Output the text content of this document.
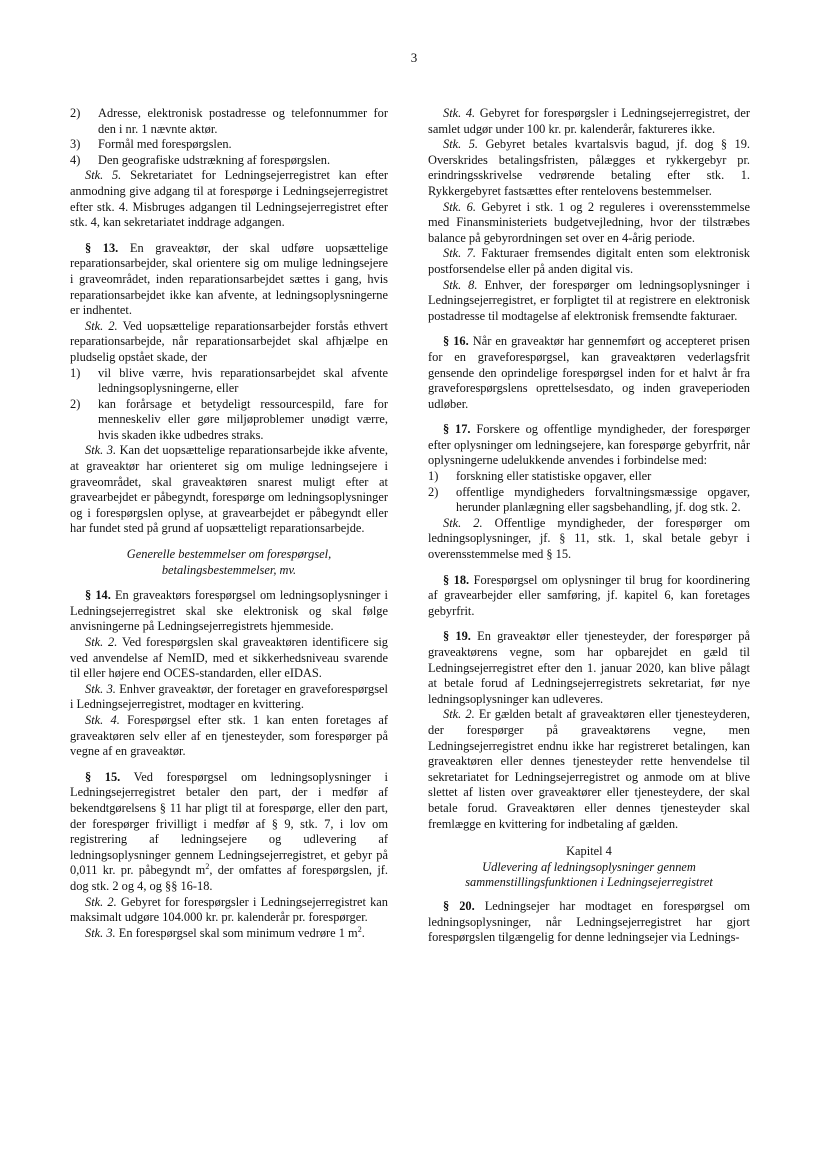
3
2)	Adresse, elektronisk postadresse og telefonnummer for den i nr. 1 nævnte aktør.
3)	Formål med forespørgslen.
4)	Den geografiske udstrækning af forespørgslen.

Stk. 5. Sekretariatet for Ledningsejerregistret kan efter anmodning give adgang til at forespørge i Ledningsejerregistret efter stk. 4. Misbruges adgangen til Ledningsejerregistret efter stk. 4, kan sekretariatet inddrage adgangen.

§ 13. En graveaktør, der skal udføre uopsættelige reparationsarbejder, skal orientere sig om mulige ledningsejere i graveområdet, inden reparationsarbejdet sættes i gang, hvis reparationsarbejdet ikke kan afvente, at ledningsoplysningerne er indhentet.

Stk. 2. Ved uopsættelige reparationsarbejder forstås ethvert reparationsarbejde, når reparationsarbejdet skal afhjælpe en pludselig opstået skade, der

1)	vil blive værre, hvis reparationsarbejdet skal afvente ledningsoplysningerne, eller
2)	kan forårsage et betydeligt ressourcespild, fare for menneskeliv eller gøre miljøproblemer unødigt værre, hvis skaden ikke udbedres straks.

Stk. 3. Kan det uopsættelige reparationsarbejde ikke afvente, at graveaktør har orienteret sig om mulige ledningsejere i graveområdet, skal graveaktøren snarest muligt efter at gravearbejdet er påbegyndt, forespørge om ledningsoplysninger og i forespørgslen oplyse, at gravearbejdet er påbegyndt eller har fundet sted på grund af uopsætteligt reparationsarbejde.

Generelle bestemmelser om forespørgsel,
betalingsbestemmelser, mv.

§ 14. En graveaktørs forespørgsel om ledningsoplysninger i Ledningsejerregistret skal ske elektronisk og skal følge anvisningerne på Ledningsejerregistrets hjemmeside.

Stk. 2. Ved forespørgslen skal graveaktøren identificere sig ved anvendelse af NemID, med et sikkerhedsniveau svarende til eller højere end OCES-standarden, eller eIDAS.

Stk. 3. Enhver graveaktør, der foretager en graveforespørgsel i Ledningsejerregistret, modtager en kvittering.

Stk. 4. Forespørgsel efter stk. 1 kan enten foretages af graveaktøren selv eller af en tjenesteyder, som forespørger på vegne af en graveaktør.

§ 15. Ved forespørgsel om ledningsoplysninger i Ledningsejerregistret betaler den part, der i medfør af bekendtgørelsens § 11 har pligt til at forespørge, eller den part, der forespørger frivilligt i medfør af § 9, stk. 7, i lov om registrering af ledningsejere og udlevering af ledningsoplysninger gennem Ledningsejerregistret, et gebyr på 0,011 kr. pr. påbegyndt $m^2$, der omfattes af forespørgslen, jf. dog stk. 2 og 4, og §§ 16-18.

Stk. 2. Gebyret for forespørgsler i Ledningsejerregistret kan maksimalt udgøre 104.000 kr. pr. kalenderår pr. forespørger.

Stk. 3. En forespørgsel skal som minimum vedrøre 1 $m^2$.

Stk. 4. Gebyret for forespørgsler i Ledningsejerregistret, der samlet udgør under 100 kr. pr. kalenderår, faktureres ikke.

Stk. 5. Gebyret betales kvartalsvis bagud, jf. dog § 19. Overskrides betalingsfristen, pålægges et rykkergebyr pr. erindringsskrivelse vedrørende betaling efter stk. 1. Rykkergebyret fastsættes efter rentelovens bestemmelser.

Stk. 6. Gebyret i stk. 1 og 2 reguleres i overensstemmelse med Finansministeriets budgetvejledning, hvor der tilstræbes balance på gebyrordningen set over en 4-årig periode.

Stk. 7. Fakturaer fremsendes digitalt enten som elektronisk postforsendelse eller på anden digital vis.

Stk. 8. Enhver, der forespørger om ledningsoplysninger i Ledningsejerregistret, er forpligtet til at registrere en elektronisk postadresse til modtagelse af elektronisk fremsendte fakturaer.

§ 16. Når en graveaktør har gennemført og accepteret prisen for en graveforespørgsel, kan graveaktøren vederlagsfrit gensende den oprindelige forespørgsel inden for et halvt år fra graveforespørgslens oprettelsesdato, og inden graveperioden udløber.

§ 17. Forskere og offentlige myndigheder, der forespørger efter oplysninger om ledningsejere, kan forespørge gebyrfrit, når oplysningerne udelukkende anvendes i forbindelse med:

1)	forskning eller statistiske opgaver, eller
2)	offentlige myndigheders forvaltningsmæssige opgaver, herunder planlægning eller sagsbehandling, jf. dog stk. 2.

Stk. 2. Offentlige myndigheder, der forespørger om ledningsoplysninger, jf. § 11, stk. 1, skal betale gebyr i overensstemmelse med § 15.

§ 18. Forespørgsel om oplysninger til brug for koordinering af gravearbejder eller samføring, jf. kapitel 6, kan foretages gebyrfrit.

§ 19. En graveaktør eller tjenesteyder, der forespørger på graveaktørens vegne, som har opbarejdet en gæld til Ledningsejerregistret efter den 1. januar 2020, kan blive pålagt at betale forud af Ledningsejerregistrets sekretariat, før nye ledningsoplysninger kan udleveres.

Stk. 2. Er gælden betalt af graveaktøren eller tjenesteyderen, der forespørger på graveaktørens vegne, men Ledningsejerregistret endnu ikke har registreret betalingen, kan graveaktøren eller dennes tjenesteyder rette henvendelse til sekretariatet for Ledningsejerregistret og anmode om at blive slettet af listen over graveaktører eller tjenesteydere, der skal betale forud. Graveaktøren eller dennes tjenesteyder skal fremlægge en kvittering for indbetaling af gælden.

Kapitel 4
Udlevering af ledningsoplysninger gennem
sammenstillingsfunktionen i Ledningsejerregistret

§ 20. Ledningsejer har modtaget en forespørgsel om ledningsoplysninger, når Ledningsejerregistret har gjort forespørgslen tilgængelig for denne ledningsejer via Lednings-
